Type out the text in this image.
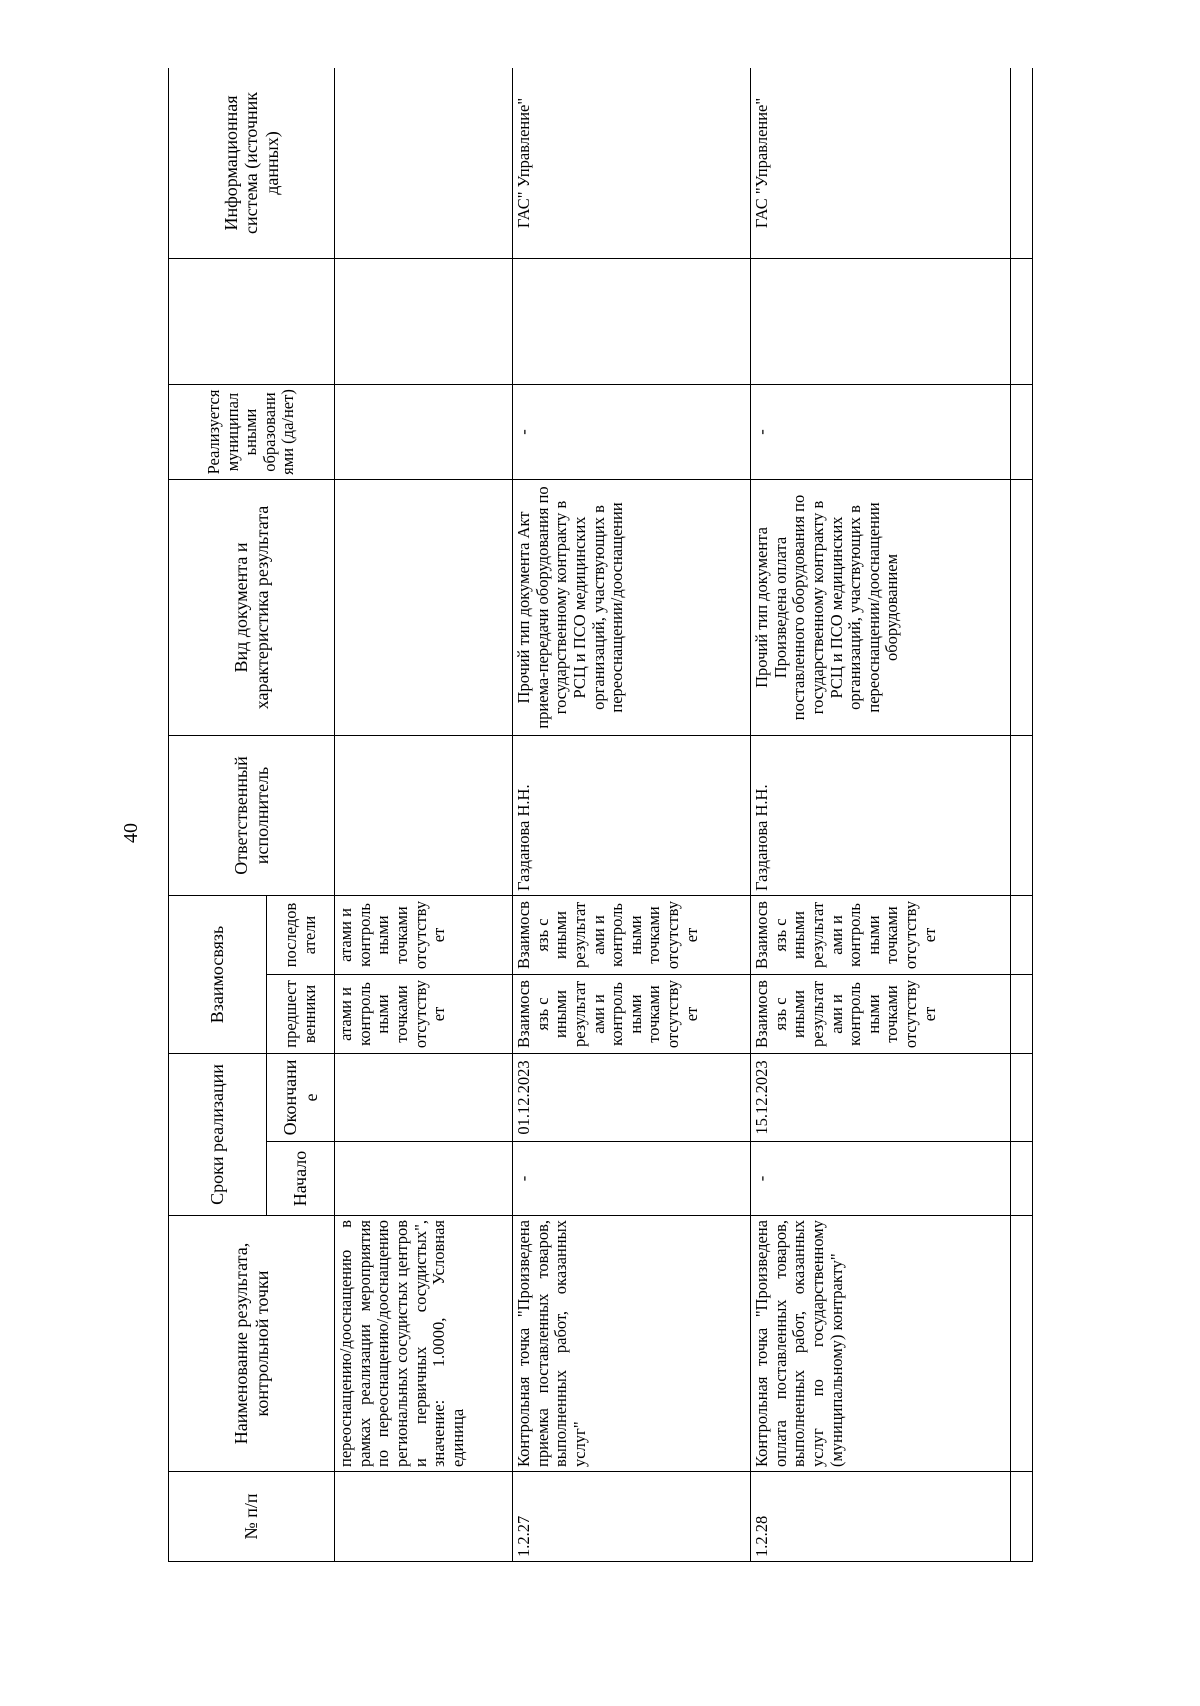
40
№ п/п	Наименование результата, контрольной точки	Сроки реализации		Взаимосвязь		Ответственный исполнитель	Вид документа и характеристика результата	Реализуется муниципальными образованиями (да/нет)		Информационная система (источник данных)
		Начало	Окончание	предшественники	последователи					
	переоснащению/дооснащению в рамках реализации мероприятия по переоснащению/дооснащению региональных сосудистых центров и первичных сосудистых", значение: 1.0000, Условная единица			атами и контрольными точками отсутствует	атами и контрольными точками отсутствует					
1.2.27	Контрольная точка "Произведена приемка поставленных товаров, выполненных работ, оказанных услуг"	-	01.12.2023	Взаимосвязь с иными результатами и контрольными точками отсутствует	Взаимосвязь с иными результатами и контрольными точками отсутствует	Газданова Н.Н.	Прочий тип документа Акт приема-передачи оборудования по государственному контракту в РСЦ и ПСО медицинских организаций, участвующих в переоснащении/дооснащении	-		ГАС" Управление"
1.2.28	Контрольная точка "Произведена оплата поставленных товаров, выполненных работ, оказанных услуг по государственному (муниципальному) контракту"	-	15.12.2023	Взаимосвязь с иными результатами и контрольными точками отсутствует	Взаимосвязь с иными результатами и контрольными точками отсутствует	Газданова Н.Н.	Прочий тип документа Произведена оплата поставленного оборудования по государственному контракту в РСЦ и ПСО медицинских организаций, участвующих в переоснащении/дооснащении оборудованием	-		ГАС "Управление"
